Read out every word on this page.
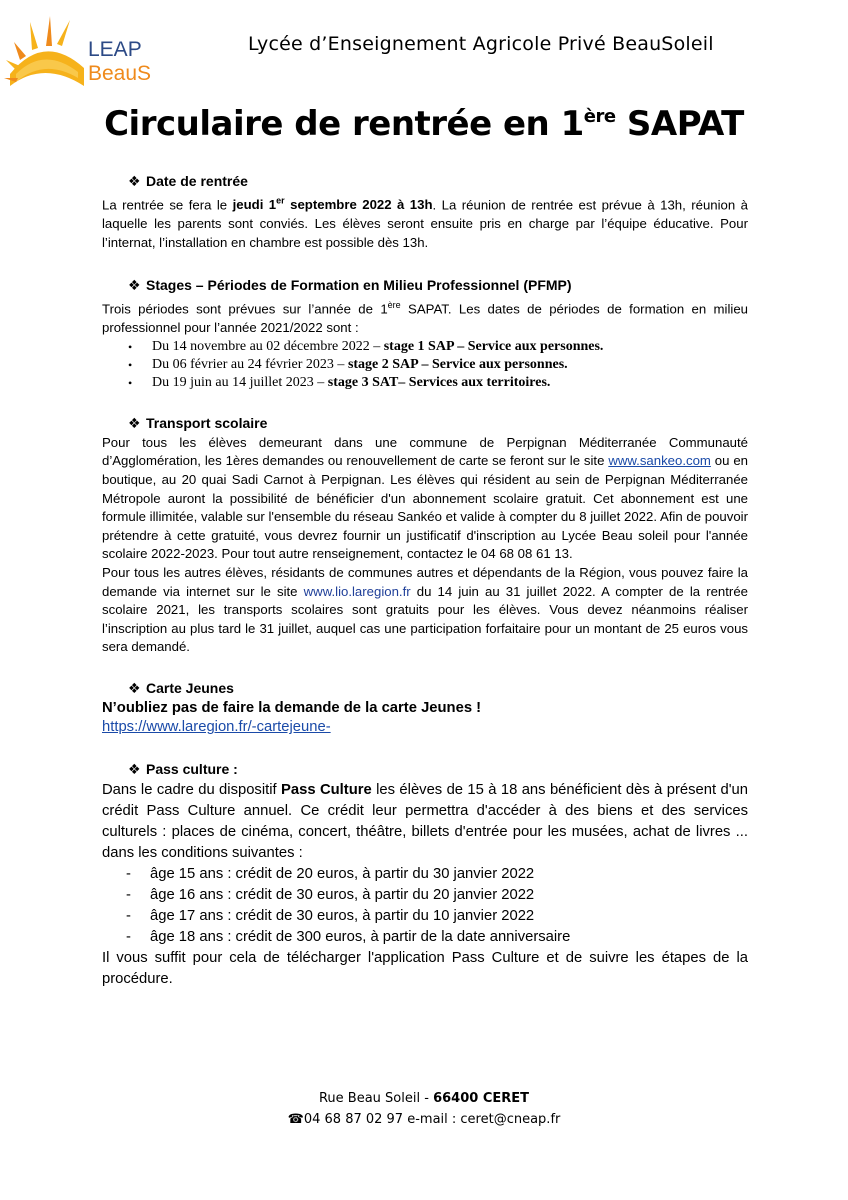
LEAP
BeauS
Lycée d’Enseignement Agricole Privé BeauSoleil
Circulaire de rentrée en 1ère SAPAT
❖ Date de rentrée

La rentrée se fera le jeudi 1er septembre 2022 à 13h. La réunion de rentrée est prévue à 13h, réunion à laquelle les parents sont conviés. Les élèves seront ensuite pris en charge par l’équipe éducative. Pour l’internat, l’installation en chambre est possible dès 13h.

❖ Stages – Périodes de Formation en Milieu Professionnel (PFMP)

Trois périodes sont prévues sur l’année de 1ère SAPAT. Les dates de périodes de formation en milieu professionnel pour l’année 2021/2022 sont :

• Du 14 novembre au 02 décembre 2022 – stage 1 SAP – Service aux personnes.
• Du 06 février au 24 février 2023 – stage 2 SAP – Service aux personnes.
• Du 19 juin au 14 juillet 2023 – stage 3 SAT– Services aux territoires.
❖ Transport scolaire

Pour tous les élèves demeurant dans une commune de Perpignan Méditerranée Communauté d’Agglomération, les 1ères demandes ou renouvellement de carte se feront sur le site www.sankeo.com ou en boutique, au 20 quai Sadi Carnot à Perpignan. Les élèves qui résident au sein de Perpignan Méditerranée Métropole auront la possibilité de bénéficier d'un abonnement scolaire gratuit. Cet abonnement est une formule illimitée, valable sur l'ensemble du réseau Sankéo et valide à compter du 8 juillet 2022. Afin de pouvoir prétendre à cette gratuité, vous devrez fournir un justificatif d'inscription au Lycée Beau soleil pour l'année scolaire 2022-2023. Pour tout autre renseignement, contactez le 04 68 08 61 13.

Pour tous les autres élèves, résidants de communes autres et dépendants de la Région, vous pouvez faire la demande via internet sur le site www.lio.laregion.fr du 14 juin au 31 juillet 2022. A compter de la rentrée scolaire 2021, les transports scolaires sont gratuits pour les élèves. Vous devez néanmoins réaliser l’inscription au plus tard le 31 juillet, auquel cas une participation forfaitaire pour un montant de 25 euros vous sera demandé.

❖ Carte Jeunes
N’oubliez pas de faire la demande de la carte Jeunes !
https://www.laregion.fr/-cartejeune-
❖ Pass culture :

Dans le cadre du dispositif Pass Culture les élèves de 15 à 18 ans bénéficient dès à présent d'un crédit Pass Culture annuel. Ce crédit leur permettra d'accéder à des biens et des services culturels : places de cinéma, concert, théâtre, billets d'entrée pour les musées, achat de livres ... dans les conditions suivantes :

- âge 15 ans : crédit de 20 euros, à partir du 30 janvier 2022
- âge 16 ans : crédit de 30 euros, à partir du 20 janvier 2022
- âge 17 ans : crédit de 30 euros, à partir du 10 janvier 2022
- âge 18 ans : crédit de 300 euros, à partir de la date anniversaire

Il vous suffit pour cela de télécharger l'application Pass Culture et de suivre les étapes de la procédure.

Rue Beau Soleil - 66400 CERET
☎04 68 87 02 97 e-mail : ceret@cneap.fr
